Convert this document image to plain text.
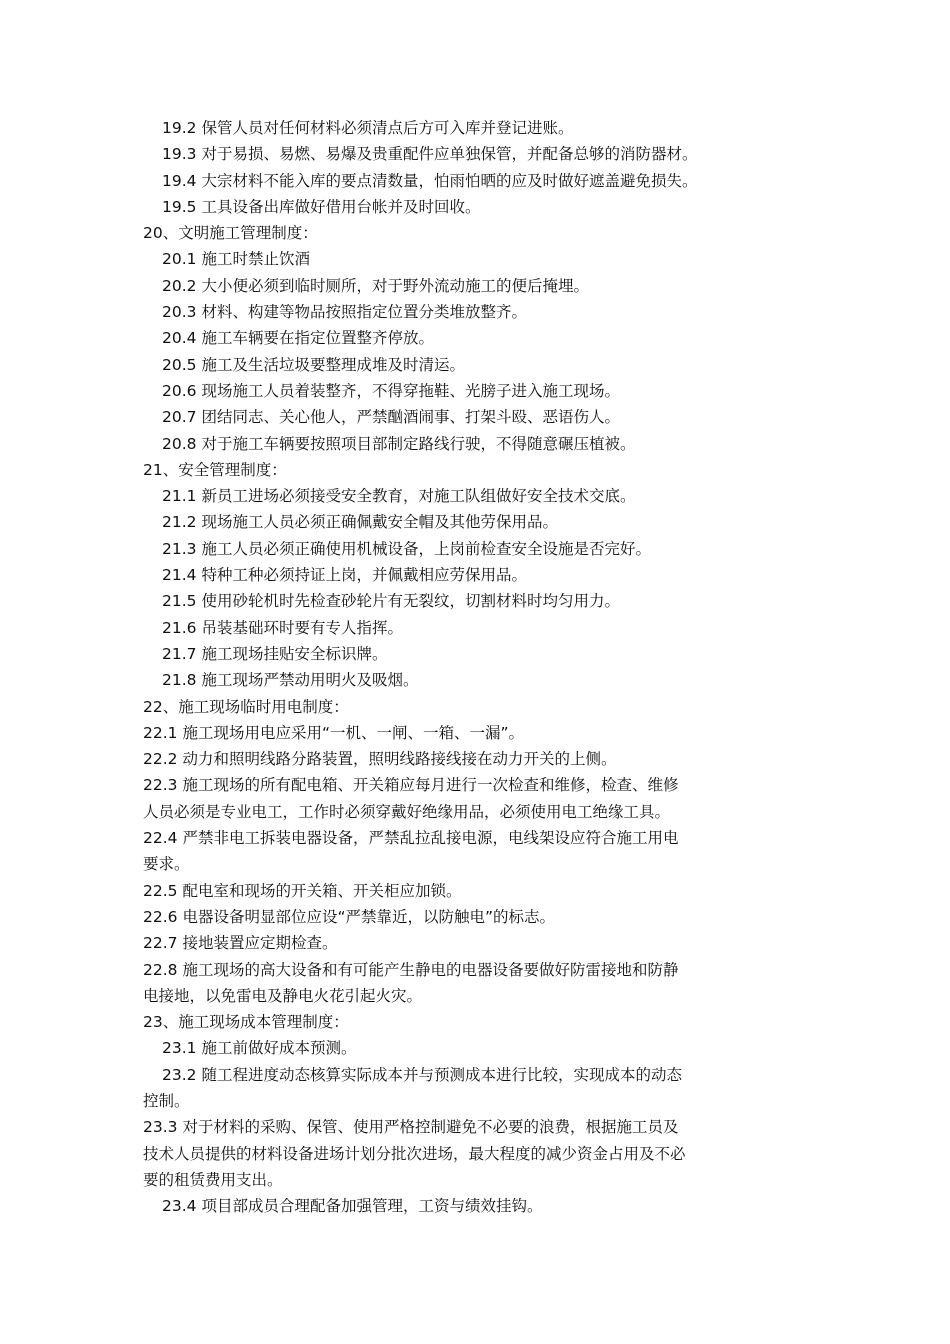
19.2 保管人员对任何材料必须清点后方可入库并登记进账。
19.3 对于易损、易燃、易爆及贵重配件应单独保管，并配备总够的消防器材。
19.4 大宗材料不能入库的要点清数量，怕雨怕晒的应及时做好遮盖避免损失。
19.5 工具设备出库做好借用台帐并及时回收。
20、文明施工管理制度：
20.1 施工时禁止饮酒
20.2 大小便必须到临时厕所，对于野外流动施工的便后掩埋。
20.3 材料、构建等物品按照指定位置分类堆放整齐。
20.4 施工车辆要在指定位置整齐停放。
20.5 施工及生活垃圾要整理成堆及时清运。
20.6 现场施工人员着装整齐，不得穿拖鞋、光膀子进入施工现场。
20.7 团结同志、关心他人，严禁酗酒闹事、打架斗殴、恶语伤人。
20.8 对于施工车辆要按照项目部制定路线行驶，不得随意碾压植被。
21、安全管理制度：
21.1 新员工进场必须接受安全教育，对施工队组做好安全技术交底。
21.2 现场施工人员必须正确佩戴安全帽及其他劳保用品。
21.3 施工人员必须正确使用机械设备，上岗前检查安全设施是否完好。
21.4 特种工种必须持证上岗，并佩戴相应劳保用品。
21.5 使用砂轮机时先检查砂轮片有无裂纹，切割材料时均匀用力。
21.6 吊装基础环时要有专人指挥。
21.7 施工现场挂贴安全标识牌。
21.8 施工现场严禁动用明火及吸烟。
22、施工现场临时用电制度：
22.1 施工现场用电应采用“一机、一闸、一箱、一漏”。
22.2 动力和照明线路分路装置，照明线路接线接在动力开关的上侧。
22.3 施工现场的所有配电箱、开关箱应每月进行一次检查和维修，检查、维修
人员必须是专业电工，工作时必须穿戴好绝缘用品，必须使用电工绝缘工具。
22.4 严禁非电工拆装电器设备，严禁乱拉乱接电源，电线架设应符合施工用电
要求。
22.5 配电室和现场的开关箱、开关柜应加锁。
22.6 电器设备明显部位应设“严禁靠近，以防触电”的标志。
22.7 接地装置应定期检查。
22.8 施工现场的高大设备和有可能产生静电的电器设备要做好防雷接地和防静
电接地，以免雷电及静电火花引起火灾。
23、施工现场成本管理制度：
23.1 施工前做好成本预测。
23.2 随工程进度动态核算实际成本并与预测成本进行比较，实现成本的动态
控制。
23.3 对于材料的采购、保管、使用严格控制避免不必要的浪费，根据施工员及
技术人员提供的材料设备进场计划分批次进场，最大程度的减少资金占用及不必
要的租赁费用支出。
23.4 项目部成员合理配备加强管理，工资与绩效挂钩。
